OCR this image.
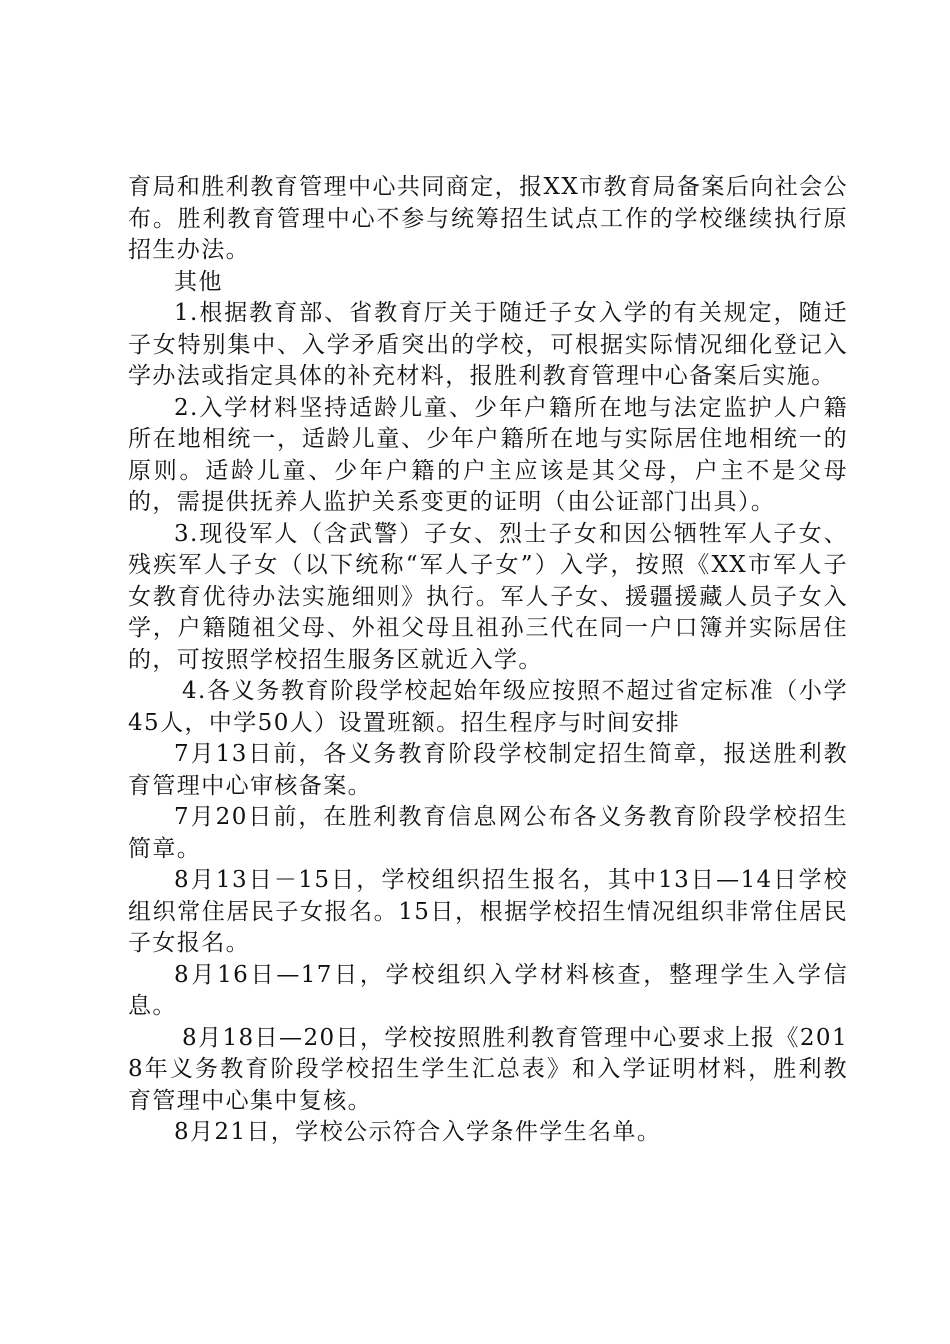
育局和胜利教育管理中心共同商定，报XX市教育局备案后向社会公布。胜利教育管理中心不参与统筹招生试点工作的学校继续执行原招生办法。

其他

1.根据教育部、省教育厅关于随迁子女入学的有关规定，随迁子女特别集中、入学矛盾突出的学校，可根据实际情况细化登记入学办法或指定具体的补充材料，报胜利教育管理中心备案后实施。

2.入学材料坚持适龄儿童、少年户籍所在地与法定监护人户籍所在地相统一，适龄儿童、少年户籍所在地与实际居住地相统一的原则。适龄儿童、少年户籍的户主应该是其父母，户主不是父母的，需提供抚养人监护关系变更的证明（由公证部门出具）。

3.现役军人（含武警）子女、烈士子女和因公牺牲军人子女、残疾军人子女（以下统称“军人子女”）入学，按照《XX市军人子女教育优待办法实施细则》执行。军人子女、援疆援藏人员子女入学，户籍随祖父母、外祖父母且祖孙三代在同一户口簿并实际居住的，可按照学校招生服务区就近入学。

4.各义务教育阶段学校起始年级应按照不超过省定标准（小学45人，中学50人）设置班额。招生程序与时间安排

7月13日前，各义务教育阶段学校制定招生简章，报送胜利教育管理中心审核备案。

7月20日前，在胜利教育信息网公布各义务教育阶段学校招生简章。

8月13日－15日，学校组织招生报名，其中13日—14日学校组织常住居民子女报名。15日，根据学校招生情况组织非常住居民子女报名。

8月16日—17日，学校组织入学材料核查，整理学生入学信息。

8月18日—20日，学校按照胜利教育管理中心要求上报《2018年义务教育阶段学校招生学生汇总表》和入学证明材料，胜利教育管理中心集中复核。

8月21日，学校公示符合入学条件学生名单。
